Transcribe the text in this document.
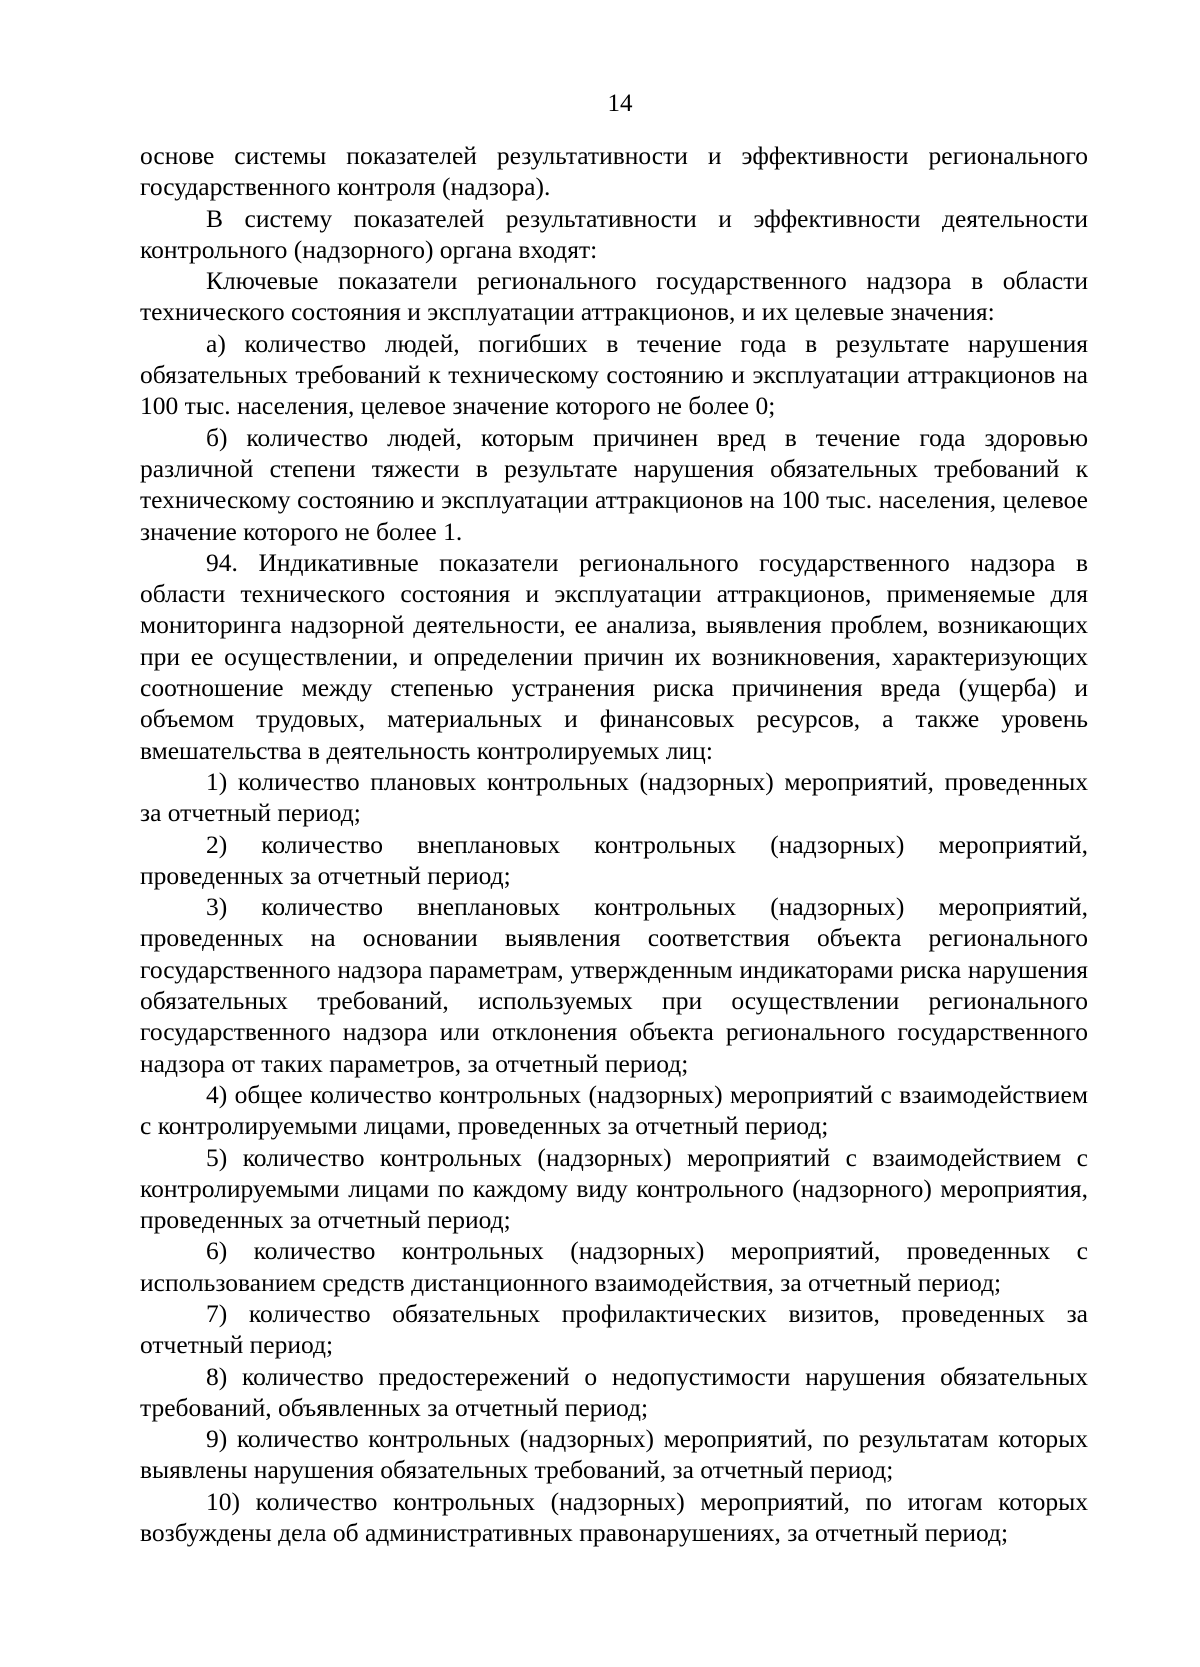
14

основе системы показателей результативности и эффективности регионального государственного контроля (надзора).

В систему показателей результативности и эффективности деятельности контрольного (надзорного) органа входят:

Ключевые показатели регионального государственного надзора в области технического состояния и эксплуатации аттракционов, и их целевые значения:

а) количество людей, погибших в течение года в результате нарушения обязательных требований к техническому состоянию и эксплуатации аттракционов на 100 тыс. населения, целевое значение которого не более 0;

б) количество людей, которым причинен вред в течение года здоровью различной степени тяжести в результате нарушения обязательных требований к техническому состоянию и эксплуатации аттракционов на 100 тыс. населения, целевое значение которого не более 1.

94. Индикативные показатели регионального государственного надзора в области технического состояния и эксплуатации аттракционов, применяемые для мониторинга надзорной деятельности, ее анализа, выявления проблем, возникающих при ее осуществлении, и определении причин их возникновения, характеризующих соотношение между степенью устранения риска причинения вреда (ущерба) и объемом трудовых, материальных и финансовых ресурсов, а также уровень вмешательства в деятельность контролируемых лиц:

1) количество плановых контрольных (надзорных) мероприятий, проведенных за отчетный период;

2) количество внеплановых контрольных (надзорных) мероприятий, проведенных за отчетный период;

3) количество внеплановых контрольных (надзорных) мероприятий, проведенных на основании выявления соответствия объекта регионального государственного надзора параметрам, утвержденным индикаторами риска нарушения обязательных требований, используемых при осуществлении регионального государственного надзора или отклонения объекта регионального государственного надзора от таких параметров, за отчетный период;

4) общее количество контрольных (надзорных) мероприятий с взаимодействием с контролируемыми лицами, проведенных за отчетный период;

5) количество контрольных (надзорных) мероприятий с взаимодействием с контролируемыми лицами по каждому виду контрольного (надзорного) мероприятия, проведенных за отчетный период;

6) количество контрольных (надзорных) мероприятий, проведенных с использованием средств дистанционного взаимодействия, за отчетный период;

7) количество обязательных профилактических визитов, проведенных за отчетный период;

8) количество предостережений о недопустимости нарушения обязательных требований, объявленных за отчетный период;

9) количество контрольных (надзорных) мероприятий, по результатам которых выявлены нарушения обязательных требований, за отчетный период;

10) количество контрольных (надзорных) мероприятий, по итогам которых возбуждены дела об административных правонарушениях, за отчетный период;
